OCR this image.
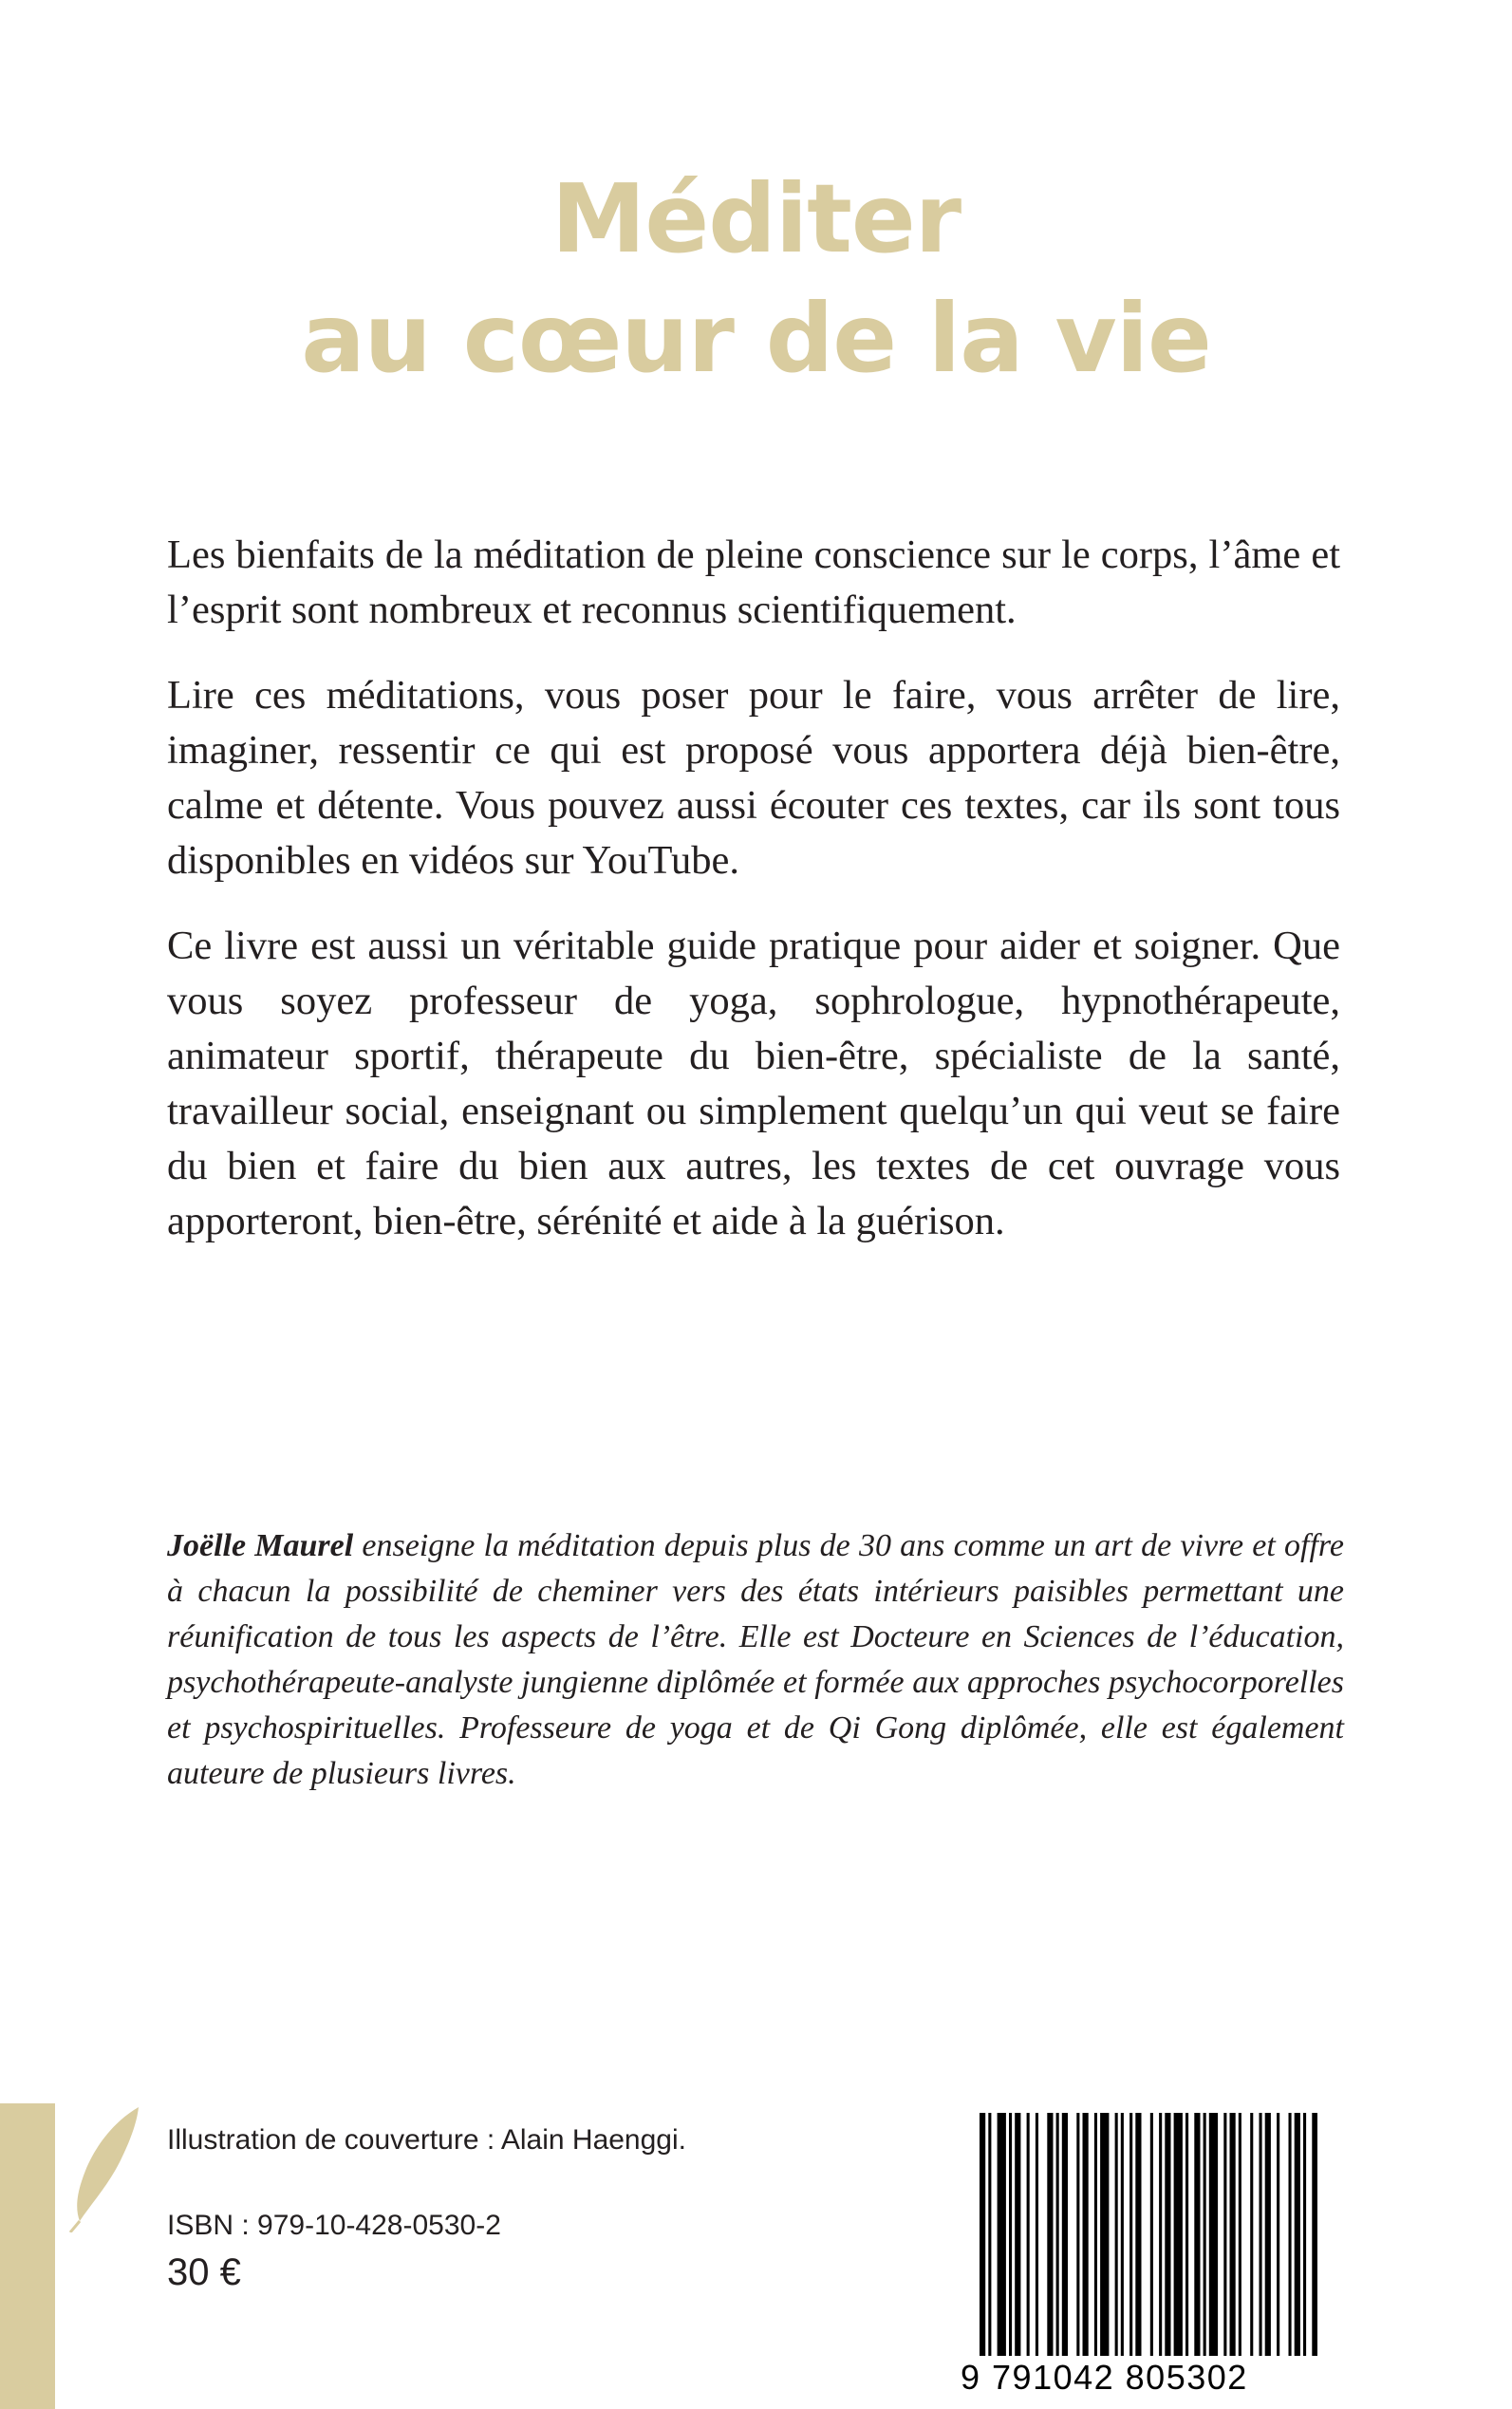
Méditer
au cœur de la vie

Les bienfaits de la méditation de pleine conscience sur le corps, l’âme et l’esprit sont nombreux et reconnus scientifiquement.

Lire ces méditations, vous poser pour le faire, vous arrêter de lire, imaginer, ressentir ce qui est proposé vous apportera déjà bien-être, calme et détente. Vous pouvez aussi écouter ces textes, car ils sont tous disponibles en vidéos sur YouTube.

Ce livre est aussi un véritable guide pratique pour aider et soigner. Que vous soyez professeur de yoga, sophrologue, hypnothérapeute, animateur sportif, thérapeute du bien-être, spécialiste de la santé, travailleur social, enseignant ou simplement quelqu’un qui veut se faire du bien et faire du bien aux autres, les textes de cet ouvrage vous apporteront, bien-être, sérénité et aide à la guérison.

Joëlle Maurel enseigne la méditation depuis plus de 30 ans comme un art de vivre et offre à chacun la possibilité de cheminer vers des états intérieurs paisibles permettant une réunification de tous les aspects de l’être. Elle est Docteure en Sciences de l’éducation, psychothérapeute-analyste jungienne diplômée et formée aux approches psychocorporelles et psychospirituelles. Professeure de yoga et de Qi Gong diplômée, elle est également auteure de plusieurs livres.
Illustration de couverture : Alain Haenggi.
ISBN : 979-10-428-0530-2
30 €
9 791042 805302
